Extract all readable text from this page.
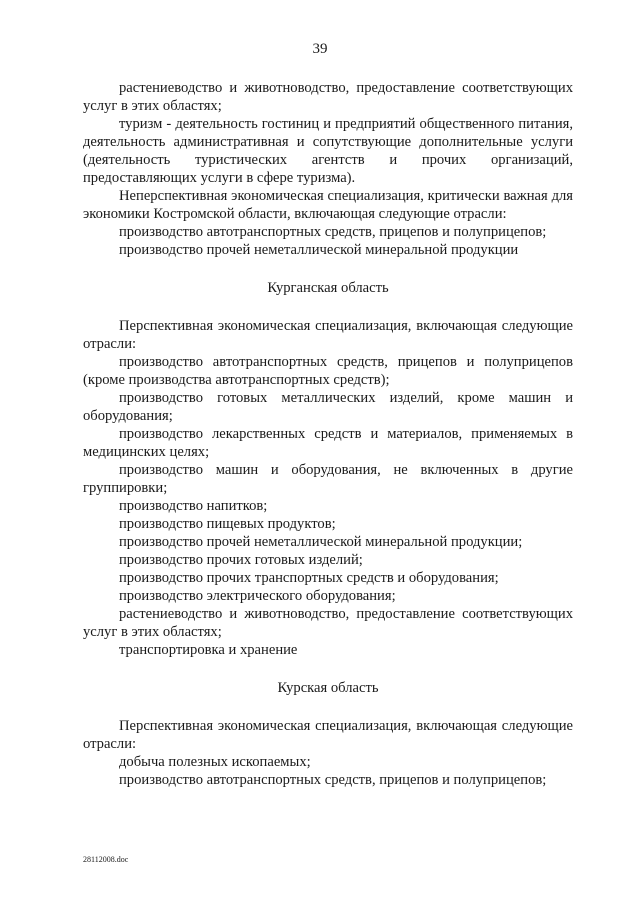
39

растениеводство и животноводство, предоставление соответствующих услуг в этих областях;

туризм - деятельность гостиниц и предприятий общественного питания, деятельность административная и сопутствующие дополнительные услуги (деятельность туристических агентств и прочих организаций, предоставляющих услуги в сфере туризма).

Неперспективная экономическая специализация, критически важная для экономики Костромской области, включающая следующие отрасли:

производство автотранспортных средств, прицепов и полуприцепов;

производство прочей неметаллической минеральной продукции

Курганская область

Перспективная экономическая специализация, включающая следующие отрасли:

производство автотранспортных средств, прицепов и полуприцепов (кроме производства автотранспортных средств);

производство готовых металлических изделий, кроме машин и оборудования;

производство лекарственных средств и материалов, применяемых в медицинских целях;

производство машин и оборудования, не включенных в другие группировки;

производство напитков;

производство пищевых продуктов;

производство прочей неметаллической минеральной продукции;

производство прочих готовых изделий;

производство прочих транспортных средств и оборудования;

производство электрического оборудования;

растениеводство и животноводство, предоставление соответствующих услуг в этих областях;

транспортировка и хранение

Курская область

Перспективная экономическая специализация, включающая следующие отрасли:

добыча полезных ископаемых;

производство автотранспортных средств, прицепов и полуприцепов;

28112008.doc
